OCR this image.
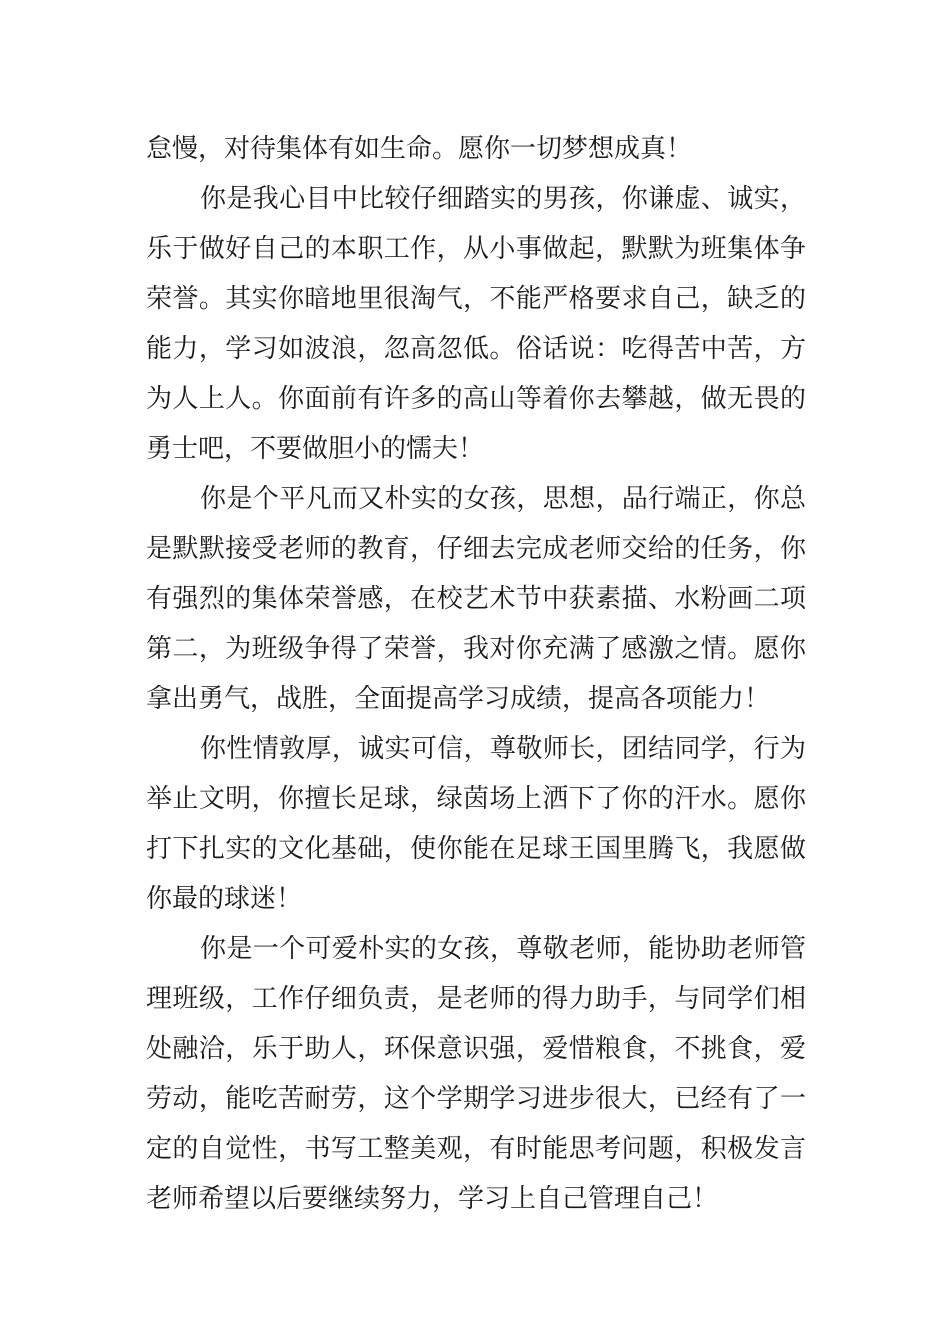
怠慢，对待集体有如生命。愿你一切梦想成真！
你是我心目中比较仔细踏实的男孩，你谦虚、诚实，
乐于做好自己的本职工作，从小事做起，默默为班集体争
荣誉。其实你暗地里很淘气，不能严格要求自己，缺乏的
能力，学习如波浪，忽高忽低。俗话说：吃得苦中苦，方
为人上人。你面前有许多的高山等着你去攀越，做无畏的
勇士吧，不要做胆小的懦夫！
你是个平凡而又朴实的女孩，思想，品行端正，你总
是默默接受老师的教育，仔细去完成老师交给的任务，你
有强烈的集体荣誉感，在校艺术节中获素描、水粉画二项
第二，为班级争得了荣誉，我对你充满了感激之情。愿你
拿出勇气，战胜，全面提高学习成绩，提高各项能力！
你性情敦厚，诚实可信，尊敬师长，团结同学，行为
举止文明，你擅长足球，绿茵场上洒下了你的汗水。愿你
打下扎实的文化基础，使你能在足球王国里腾飞，我愿做
你最的球迷！
你是一个可爱朴实的女孩，尊敬老师，能协助老师管
理班级，工作仔细负责，是老师的得力助手，与同学们相
处融洽，乐于助人，环保意识强，爱惜粮食，不挑食，爱
劳动，能吃苦耐劳，这个学期学习进步很大，已经有了一
定的自觉性，书写工整美观，有时能思考问题，积极发言
老师希望以后要继续努力，学习上自己管理自己！
